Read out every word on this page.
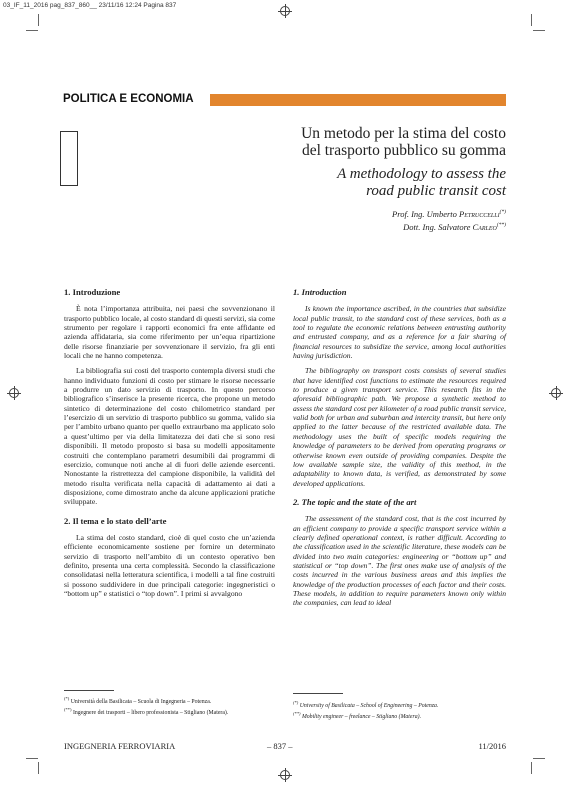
03_IF_11_2016 pag_837_860__ 23/11/16 12:24 Pagina 837
POLITICA E ECONOMIA
Un metodo per la stima del costo
del trasporto pubblico su gomma
A methodology to assess the
road public transit cost
Prof. Ing. Umberto Petruccelli(*)
Dott. Ing. Salvatore Carleo(**)

1. Introduzione

È nota l’importanza attribuita, nei paesi che sovvenzionano il trasporto pubblico locale, al costo standard di questi servizi, sia come strumento per regolare i rapporti economici fra ente affidante ed azienda affidataria, sia come riferimento per un’equa ripartizione delle risorse finanziarie per sovvenzionare il servizio, fra gli enti locali che ne hanno competenza.

La bibliografia sui costi del trasporto contempla diversi studi che hanno individuato funzioni di costo per stimare le risorse necessarie a produrre un dato servizio di trasporto. In questo percorso bibliografico s’inserisce la presente ricerca, che propone un metodo sintetico di determinazione del costo chilometrico standard per l’esercizio di un servizio di trasporto pubblico su gomma, valido sia per l’ambito urbano quanto per quello extraurbano ma applicato solo a quest’ultimo per via della limitatezza dei dati che si sono resi disponibili. Il metodo proposto si basa su modelli appositamente costruiti che contemplano parametri desumibili dai programmi di esercizio, comunque noti anche al di fuori delle aziende esercenti. Nonostante la ristrettezza del campione disponibile, la validità del metodo risulta verificata nella capacità di adattamento ai dati a disposizione, come dimostrato anche da alcune applicazioni pratiche sviluppate.

2. Il tema e lo stato dell’arte

La stima del costo standard, cioè di quel costo che un’azienda efficiente economicamente sostiene per fornire un determinato servizio di trasporto nell’ambito di un contesto operativo ben definito, presenta una certa complessità. Secondo la classificazione consolidatasi nella letteratura scientifica, i modelli a tal fine costruiti si possono suddividere in due principali categorie: ingegneristici o “bottom up” e statistici o “top down”. I primi si avvalgono

1. Introduction

Is known the importance ascribed, in the countries that subsidize local public transit, to the standard cost of these services, both as a tool to regulate the economic relations between entrusting authority and entrusted company, and as a reference for a fair sharing of financial resources to subsidize the service, among local authorities having jurisdiction.

The bibliography on transport costs consists of several studies that have identified cost functions to estimate the resources required to produce a given transport service. This research fits in the aforesaid bibliographic path. We propose a synthetic method to assess the standard cost per kilometer of a road public transit service, valid both for urban and suburban and intercity transit, but here only applied to the latter because of the restricted available data. The methodology uses the built of specific models requiring the knowledge of parameters to be derived from operating programs or otherwise known even outside of providing companies. Despite the low available sample size, the validity of this method, in the adaptability to known data, is verified, as demonstrated by some developed applications.

2. The topic and the state of the art

The assessment of the standard cost, that is the cost incurred by an efficient company to provide a specific transport service within a clearly defined operational context, is rather difficult. According to the classification used in the scientific literature, these models can be divided into two main categories: engineering or “bottom up” and statistical or “top down”. The first ones make use of analysis of the costs incurred in the various business areas and this implies the knowledge of the production processes of each factor and their costs. These models, in addition to require parameters known only within the companies, can lead to ideal

(*) Università della Basilicata – Scuola di Ingegneria – Potenza.
(**) Ingegnere dei trasporti – libero professionista – Stigliano (Matera).
(*) University of Basilicata – School of Engineering – Potenza.
(**) Mobility engineer – freelance – Stigliano (Matera).
INGEGNERIA FERROVIARIA	– 837 –	11/2016
